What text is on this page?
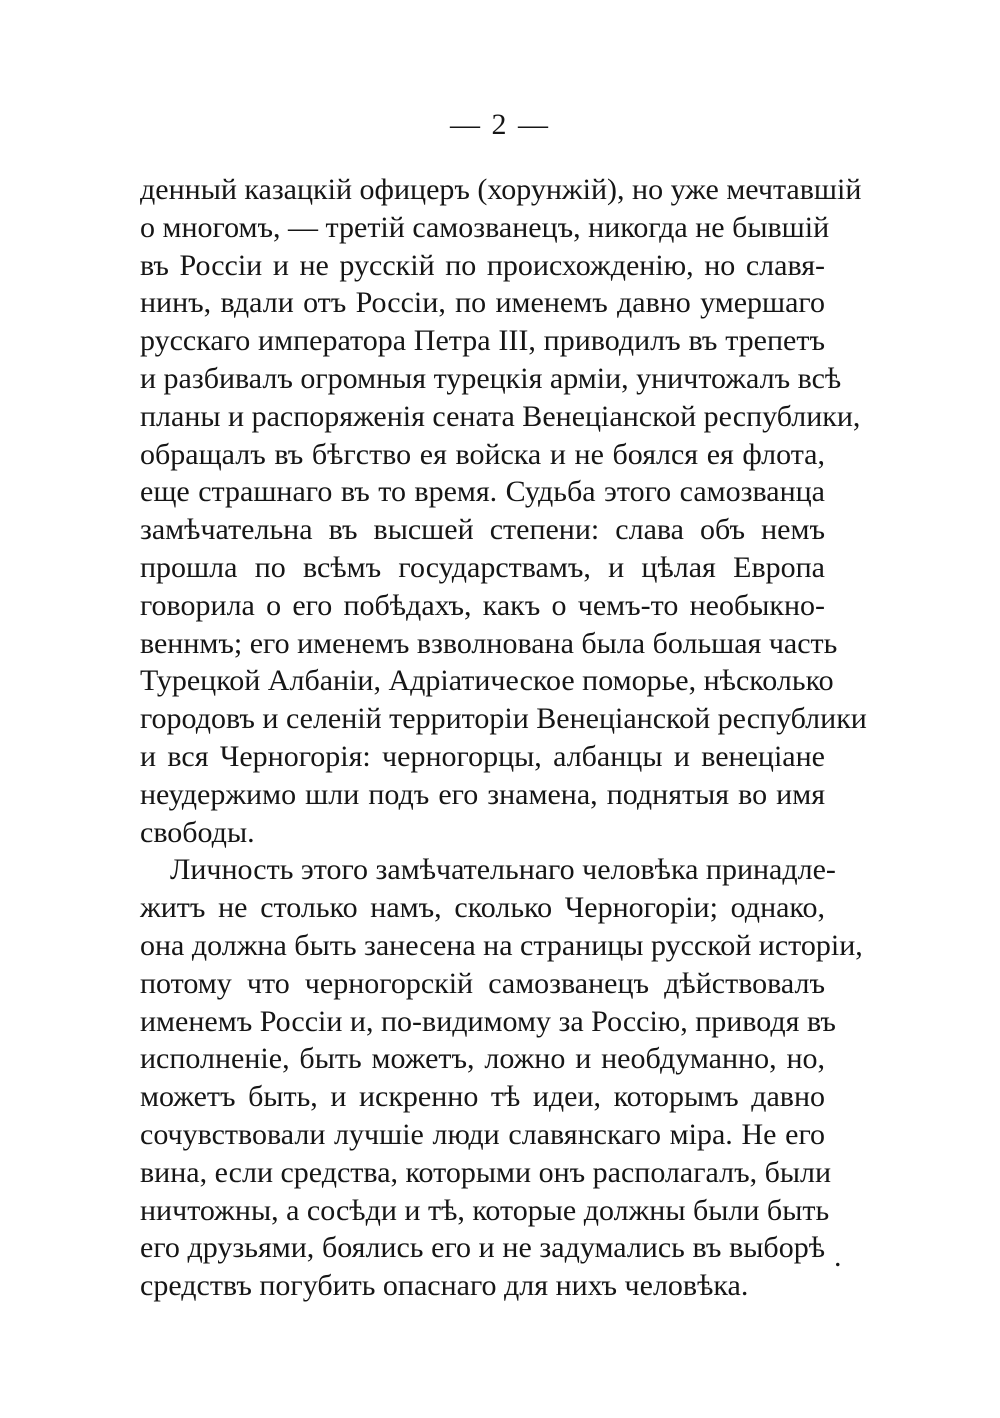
— 2 —
денный казацкій офицеръ (хорунжій), но уже мечтавшій
о многомъ, — третій самозванецъ, никогда не бывшій
въ Россіи и не русскій по происхожденію, но славя-
нинъ, вдали отъ Россіи, по именемъ давно умершаго
русскаго императора Петра III, приводилъ въ трепетъ
и разбивалъ огромныя турецкія арміи, уничтожалъ всѣ
планы и распоряженія сената Венеціанской республики,
обращалъ въ бѣгство ея войска и не боялся ея флота,
еще страшнаго въ то время. Судьба этого самозванца
замѣчательна въ высшей степени: слава объ немъ
прошла по всѣмъ государствамъ, и цѣлая Европа
говорила о его побѣдахъ, какъ о чемъ-то необыкно-
веннмъ; его именемъ взволнована была большая часть
Турецкой Албаніи, Адріатическое поморье, нѣсколько
городовъ и селеній территоріи Венеціанской республики
и вся Черногорія: черногорцы, албанцы и венеціане
неудержимо шли подъ его знамена, поднятыя во имя
свободы.
Личность этого замѣчательнаго человѣка принадле-
житъ не столько намъ, сколько Черногоріи; однако,
она должна быть занесена на страницы русской исторіи,
потому что черногорскій самозванецъ дѣйствовалъ
именемъ Россіи и, по-видимому за Россію, приводя въ
исполненіе, быть можетъ, ложно и необдуманно, но,
можетъ быть, и искренно тѣ идеи, которымъ давно
сочувствовали лучшіе люди славянскаго міра. Не его
вина, если средства, которыми онъ располагалъ, были
ничтожны, а сосѣди и тѣ, которые должны были быть
его друзьями, боялись его и не задумались въ выборѣ
средствъ погубить опаснаго для нихъ человѣка.
.
